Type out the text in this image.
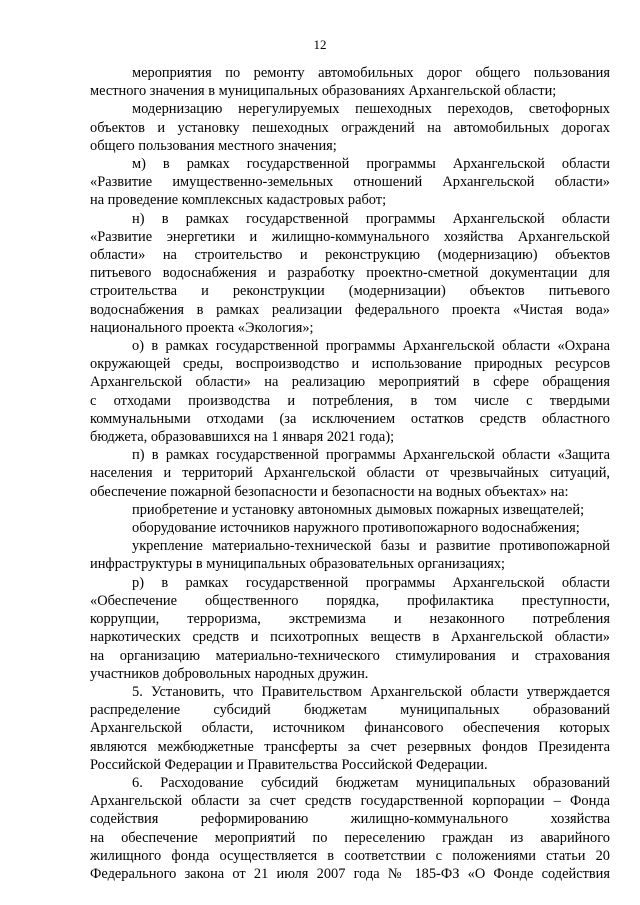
12
мероприятия по ремонту автомобильных дорог общего пользования
местного значения в муниципальных образованиях Архангельской области;
модернизацию нерегулируемых пешеходных переходов, светофорных
объектов и установку пешеходных ограждений на автомобильных дорогах
общего пользования местного значения;
м) в рамках государственной программы Архангельской области
«Развитие имущественно-земельных отношений Архангельской области»
на проведение комплексных кадастровых работ;
н) в рамках государственной программы Архангельской области
«Развитие энергетики и жилищно-коммунального хозяйства Архангельской
области» на строительство и реконструкцию (модернизацию) объектов
питьевого водоснабжения и разработку проектно-сметной документации для
строительства и реконструкции (модернизации) объектов питьевого
водоснабжения в рамках реализации федерального проекта «Чистая вода»
национального проекта «Экология»;
о) в рамках государственной программы Архангельской области «Охрана
окружающей среды, воспроизводство и использование природных ресурсов
Архангельской области» на реализацию мероприятий в сфере обращения
с отходами производства и потребления, в том числе с твердыми
коммунальными отходами (за исключением остатков средств областного
бюджета, образовавшихся на 1 января 2021 года);
п) в рамках государственной программы Архангельской области «Защита
населения и территорий Архангельской области от чрезвычайных ситуаций,
обеспечение пожарной безопасности и безопасности на водных объектах» на:
приобретение и установку автономных дымовых пожарных извещателей;
оборудование источников наружного противопожарного водоснабжения;
укрепление материально-технической базы и развитие противопожарной
инфраструктуры в муниципальных образовательных организациях;
р) в рамках государственной программы Архангельской области
«Обеспечение общественного порядка, профилактика преступности,
коррупции, терроризма, экстремизма и незаконного потребления
наркотических средств и психотропных веществ в Архангельской области»
на организацию материально-технического стимулирования и страхования
участников добровольных народных дружин.
5. Установить, что Правительством Архангельской области утверждается
распределение субсидий бюджетам муниципальных образований
Архангельской области, источником финансового обеспечения которых
являются межбюджетные трансферты за счет резервных фондов Президента
Российской Федерации и Правительства Российской Федерации.
6. Расходование субсидий бюджетам муниципальных образований
Архангельской области за счет средств государственной корпорации – Фонда
содействия реформированию жилищно-коммунального хозяйства
на обеспечение мероприятий по переселению граждан из аварийного
жилищного фонда осуществляется в соответствии с положениями статьи 20
Федерального закона от 21 июля 2007 года № 185-ФЗ «О Фонде содействия
